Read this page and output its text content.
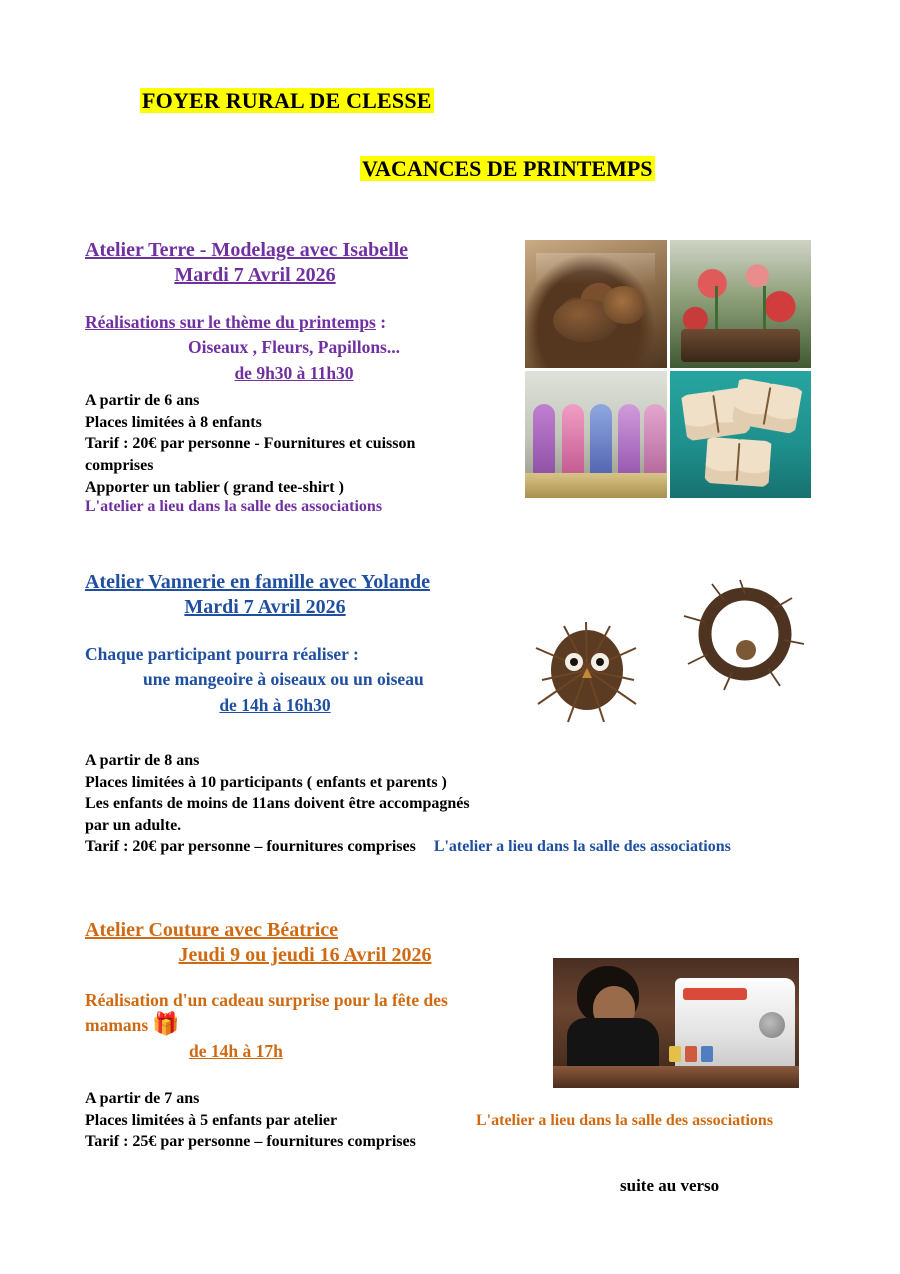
FOYER RURAL DE CLESSE
VACANCES DE PRINTEMPS
Atelier Terre - Modelage avec Isabelle
Mardi 7 Avril 2026
Réalisations sur le thème du printemps :
Oiseaux , Fleurs, Papillons...
de 9h30 à 11h30
A partir de 6 ans
Places limitées à 8 enfants
Tarif : 20€ par personne - Fournitures et cuisson
comprises
Apporter un tablier ( grand tee-shirt )
L'atelier a lieu dans la salle des associations
Atelier Vannerie en famille avec Yolande
Mardi 7 Avril 2026
Chaque participant pourra réaliser :
une mangeoire à oiseaux ou un oiseau
de 14h à 16h30
A partir de 8 ans
Places limitées à 10 participants ( enfants et parents )
Les enfants de moins de 11ans doivent être accompagnés
par un adulte.
Tarif : 20€ par personne – fournitures comprises L'atelier a lieu dans la salle des associations
Atelier Couture avec Béatrice
Jeudi 9 ou jeudi 16 Avril 2026
Réalisation d'un cadeau surprise pour la fête des
mamans 🎁
de 14h à 17h
A partir de 7 ans
Places limitées à 5 enfants par atelier
Tarif : 25€ par personne – fournitures comprises
L'atelier a lieu dans la salle des associations
suite au verso
